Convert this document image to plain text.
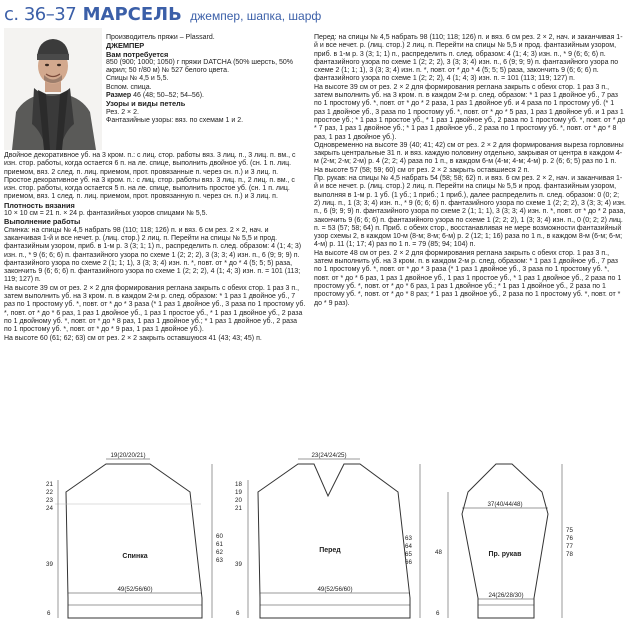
с. 36–37 МАРСЕЛЬ джемпер, шапка, шарф

Производитель пряжи – Plassard.

ДЖЕМПЕР

Вам потребуется

850 (900; 1000; 1050) г пряжи DATCHA (50% шерсть, 50% акрил; 50 г/80 м) № 527 белого цвета.

Спицы № 4,5 и 5,5.

Вспом. спица.

Размер 46 (48; 50–52; 54–56).

Узоры и виды петель

Рез. 2 × 2.

Фантазийные узоры: вяз. по схемам 1 и 2.

Двойное декоративное уб. на 3 кром. п.: с лиц. стор. работы вяз. 3 лиц. п., 3 лиц. п. вм., с изн. стор. работы, когда остается 6 п. на ле. спице, выполнить двойное уб. (сн. 1 п. лиц. приемом, вяз. 2 след. п. лиц. приемом, прот. провязанные п. через сн. п.) и 3 лиц. п.

Простое декоративное уб. на 3 кром. п.: с лиц. стор. работы вяз. 3 лиц. п., 2 лиц. п. вм., с изн. стор. работы, когда остается 5 п. на ле. спице, выполнить простое уб. (сн. 1 п. лиц. приемом, вяз. 1 след. п. лиц. приемом, прот. провязанную п. через сн. п.) и 3 лиц. п.

Плотность вязания

10 × 10 см = 21 п. × 24 р. фантазийных узоров спицами № 5,5.

Выполнение работы

Спинка: на спицы № 4,5 набрать 98 (110; 118; 126) п. и вяз. 6 см рез. 2 × 2, нач. и заканчивая 1-й и все нечет. р. (лиц. стор.) 2 лиц. п. Перейти на спицы № 5,5 и прод. фантазийным узором, приб. в 1-м р. 3 (3; 1; 1) п., распределить п. след. образом: 4 (1; 4; 3) изн. п., * 9 (6; 6; 6) п. фантазийного узора по схеме 1 (2; 2; 2), 3 (3; 3; 4) изн. п., 6 (9; 9; 9) п. фантазийного узора по схеме 2 (1; 1; 1), 3 (3; 3; 4) изн. п. *, повт. от * до * 4 (5; 5; 5) раза, закончить 9 (6; 6; 6) п. фантазийного узора по схеме 1 (2; 2; 2), 4 (1; 4; 3) изн. п. = 101 (113; 119; 127) п.

На высоте 39 см от рез. 2 × 2 для формирования реглана закрыть с обеих стор. 1 раз 3 п., затем выполнить уб. на 3 кром. п. в каждом 2-м р. след. образом: * 1 раз 1 двойное уб., 7 раз по 1 простому уб. *, повт. от * до * 3 раза (* 1 раз 1 двойное уб., 3 раза по 1 простому уб. *, повт. от * до * 6 раз, 1 раз 1 двойное уб., 1 раз 1 простое уб., * 1 раз 1 двойное уб., 2 раза по 1 двойному уб. *, повт. от * до * 8 раз, 1 раз 1 двойное уб.; * 1 раз 1 двойное уб., 2 раза по 1 простому уб. *, повт. от * до * 9 раз, 1 раз 1 двойное уб.).

На высоте 60 (61; 62; 63) см от рез. 2 × 2 закрыть оставшуюся 41 (43; 43; 45) п.

Перед: на спицы № 4,5 набрать 98 (110; 118; 126) п. и вяз. 6 см рез. 2 × 2, нач. и заканчивая 1-й и все нечет. р. (лиц. стор.) 2 лиц. п. Перейти на спицы № 5,5 и прод. фантазийным узором, приб. в 1-м р. 3 (3; 1; 1) п., распределить п. след. образом: 4 (1; 4; 3) изн. п., * 9 (6; 6; 6) п. фантазийного узора по схеме 1 (2; 2; 2), 3 (3; 3; 4) изн. п., 6 (9; 9; 9) п. фантазийного узора по схеме 2 (1; 1; 1), 3 (3; 3; 4) изн. п. *, повт. от * до * 4 (5; 5; 5) раза, закончить 9 (6; 6; 6) п. фантазийного узора по схеме 1 (2; 2; 2), 4 (1; 4; 3) изн. п. = 101 (113; 119; 127) п.

На высоте 39 см от рез. 2 × 2 для формирования реглана закрыть с обеих стор. 1 раз 3 п., затем выполнить уб. на 3 кром. п. в каждом 2-м р. след. образом: * 1 раз 1 двойное уб., 7 раз по 1 простому уб. *, повт. от * до * 2 раза, 1 раз 1 двойное уб. и 4 раза по 1 простому уб. (* 1 раз 1 двойное уб., 3 раза по 1 простому уб. *, повт. от * до * 5 раз, 1 раз 1 двойное уб. и 1 раз 1 простое уб.; * 1 раз 1 простое уб., * 1 раз 1 двойное уб., 2 раза по 1 простому уб. *, повт. от * до * 7 раз, 1 раз 1 двойное уб.; * 1 раз 1 двойное уб., 2 раза по 1 простому уб. *, повт. от * до * 8 раз, 1 раз 1 двойное уб.).

Одновременно на высоте 39 (40; 41; 42) см от рез. 2 × 2 для формирования выреза горловины закрыть центральные 31 п. и вяз. каждую половину отдельно, закрывая от центра в каждом 4-м (2-м; 2-м; 2-м) р. 4 (2; 2; 4) раза по 1 п., в каждом 6-м (4-м; 4-м; 4-м) р. 2 (6; 6; 5) раз по 1 п. На высоте 57 (58; 59; 60) см от рез. 2 × 2 закрыть оставшиеся 2 п.

Пр. рукав: на спицы № 4,5 набрать 54 (58; 58; 62) п. и вяз. 6 см рез. 2 × 2, нач. и заканчивая 1-й и все нечет. р. (лиц. стор.) 2 лиц. п. Перейти на спицы № 5,5 и прод. фантазийным узором, выполняя в 1-м р. 1 уб. (1 уб.; 1 приб.; 1 приб.), далее распределить п. след. образом: 0 (0; 2; 2) лиц. п., 1 (3; 3; 4) изн. п., * 9 (6; 6; 6) п. фантазийного узора по схеме 1 (2; 2; 2), 3 (3; 3; 4) изн. п., 6 (9; 9; 9) п. фантазийного узора по схеме 2 (1; 1; 1), 3 (3; 3; 4) изн. п. *, повт. от * до * 2 раза, закончить 9 (6; 6; 6) п. фантазийного узора по схеме 1 (2; 2; 2), 1 (3; 3; 4) изн. п., 0 (0; 2; 2) лиц. п. = 53 (57; 58; 64) п. Приб. с обеих стор., восстанавливая не мере возможности фантазийный узор схемы 2, в каждом 10-м (8-м; 8-м; 6-м) р. 2 (12; 1; 16) раза по 1 п., в каждом 8-м (6-м; 6-м; 4-м) р. 11 (1; 17; 4) раз по 1 п. = 79 (85; 94; 104) п.

На высоте 48 см от рез. 2 × 2 для формирования реглана закрыть с обеих стор. 1 раз 3 п., затем выполнить уб. на 3 кром. п. в каждом 2-м р. след. образом: * 1 раз 1 двойное уб., 7 раз по 1 простому уб. *, повт. от * до * 3 раза (* 1 раз 1 двойное уб., 3 раза по 1 простому уб. *, повт. от * до * 6 раз, 1 раз 1 двойное уб., 1 раз 1 простое уб., * 1 раз 1 двойное уб., 2 раза по 1 простому уб. *, повт. от * до * 6 раз, 1 раз 1 двойное уб.; * 1 раз 1 двойное уб., 2 раза по 1 простому уб. *, повт. от * до * 8 раз; * 1 раз 1 двойное уб., 2 раза по 1 простому уб. *, повт. от * до * 9 раз).

19(20/20/21)
49(52/56/60)
Спинка
21
22
23
24
39
6
60
61
62
63
23(24/24/25)
49(52/56/60)
Перед
18
19
20
21
39
6
63
64
65
66
37(40/44/48)
24(26/28/30)
Пр. рукав
48
6
75
76
77
78
